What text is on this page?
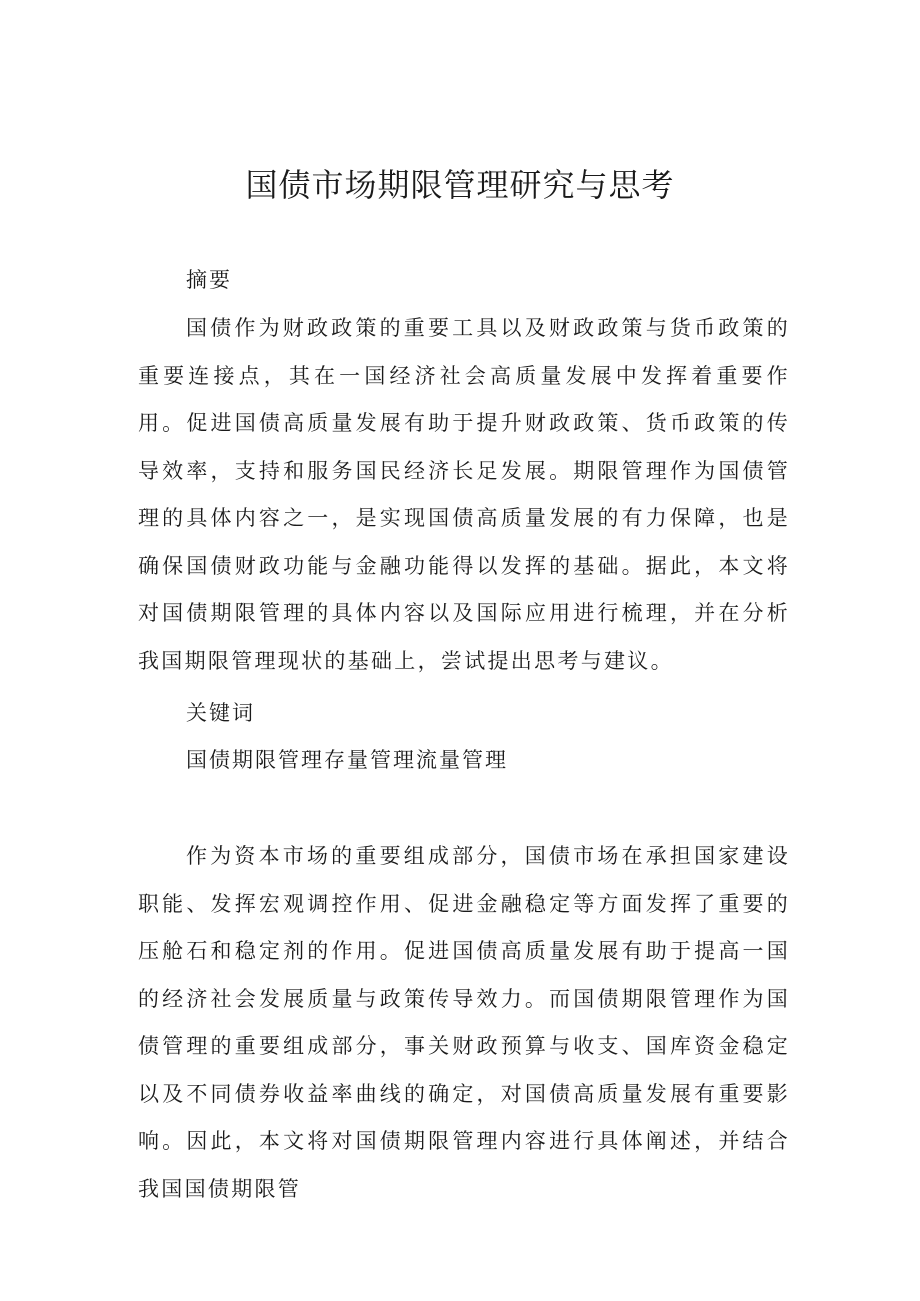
国债市场期限管理研究与思考

摘要

国债作为财政政策的重要工具以及财政政策与货币政策的重要连接点，其在一国经济社会高质量发展中发挥着重要作用。促进国债高质量发展有助于提升财政政策、货币政策的传导效率，支持和服务国民经济长足发展。期限管理作为国债管理的具体内容之一，是实现国债高质量发展的有力保障，也是确保国债财政功能与金融功能得以发挥的基础。据此，本文将对国债期限管理的具体内容以及国际应用进行梳理，并在分析我国期限管理现状的基础上，尝试提出思考与建议。

关键词

国债期限管理存量管理流量管理

作为资本市场的重要组成部分，国债市场在承担国家建设职能、发挥宏观调控作用、促进金融稳定等方面发挥了重要的压舱石和稳定剂的作用。促进国债高质量发展有助于提高一国的经济社会发展质量与政策传导效力。而国债期限管理作为国债管理的重要组成部分，事关财政预算与收支、国库资金稳定以及不同债券收益率曲线的确定，对国债高质量发展有重要影响。因此，本文将对国债期限管理内容进行具体阐述，并结合我国国债期限管
